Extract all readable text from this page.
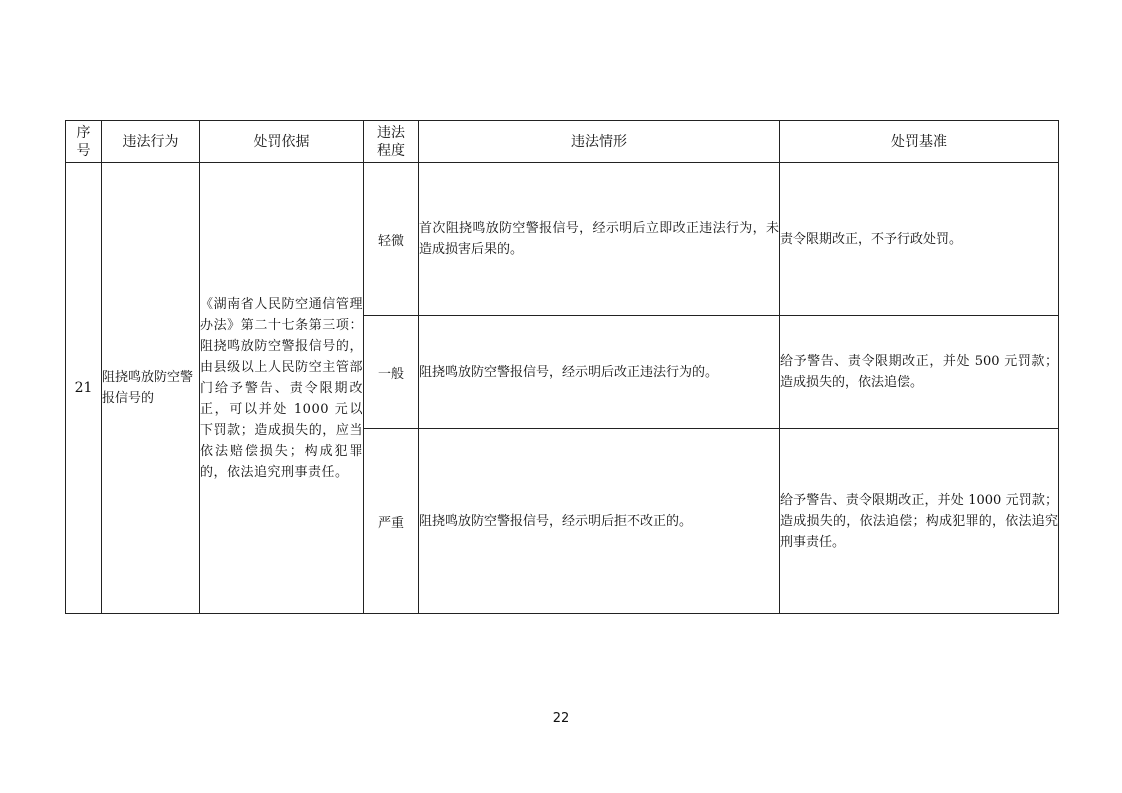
序号	违法行为	处罚依据	违法程度	违法情形	处罚基准
21	阻挠鸣放防空警报信号的	《湖南省人民防空通信管理办法》第二十七条第三项：阻挠鸣放防空警报信号的，由县级以上人民防空主管部门给予警告、责令限期改正，可以并处 1000 元以下罚款；造成损失的，应当依法赔偿损失；构成犯罪的，依法追究刑事责任。	轻微	首次阻挠鸣放防空警报信号，经示明后立即改正违法行为，未造成损害后果的。	责令限期改正，不予行政处罚。
			一般	阻挠鸣放防空警报信号，经示明后改正违法行为的。	给予警告、责令限期改正，并处 500 元罚款；造成损失的，依法追偿。
			严重	阻挠鸣放防空警报信号，经示明后拒不改正的。	给予警告、责令限期改正，并处 1000 元罚款；造成损失的，依法追偿；构成犯罪的，依法追究刑事责任。
22
